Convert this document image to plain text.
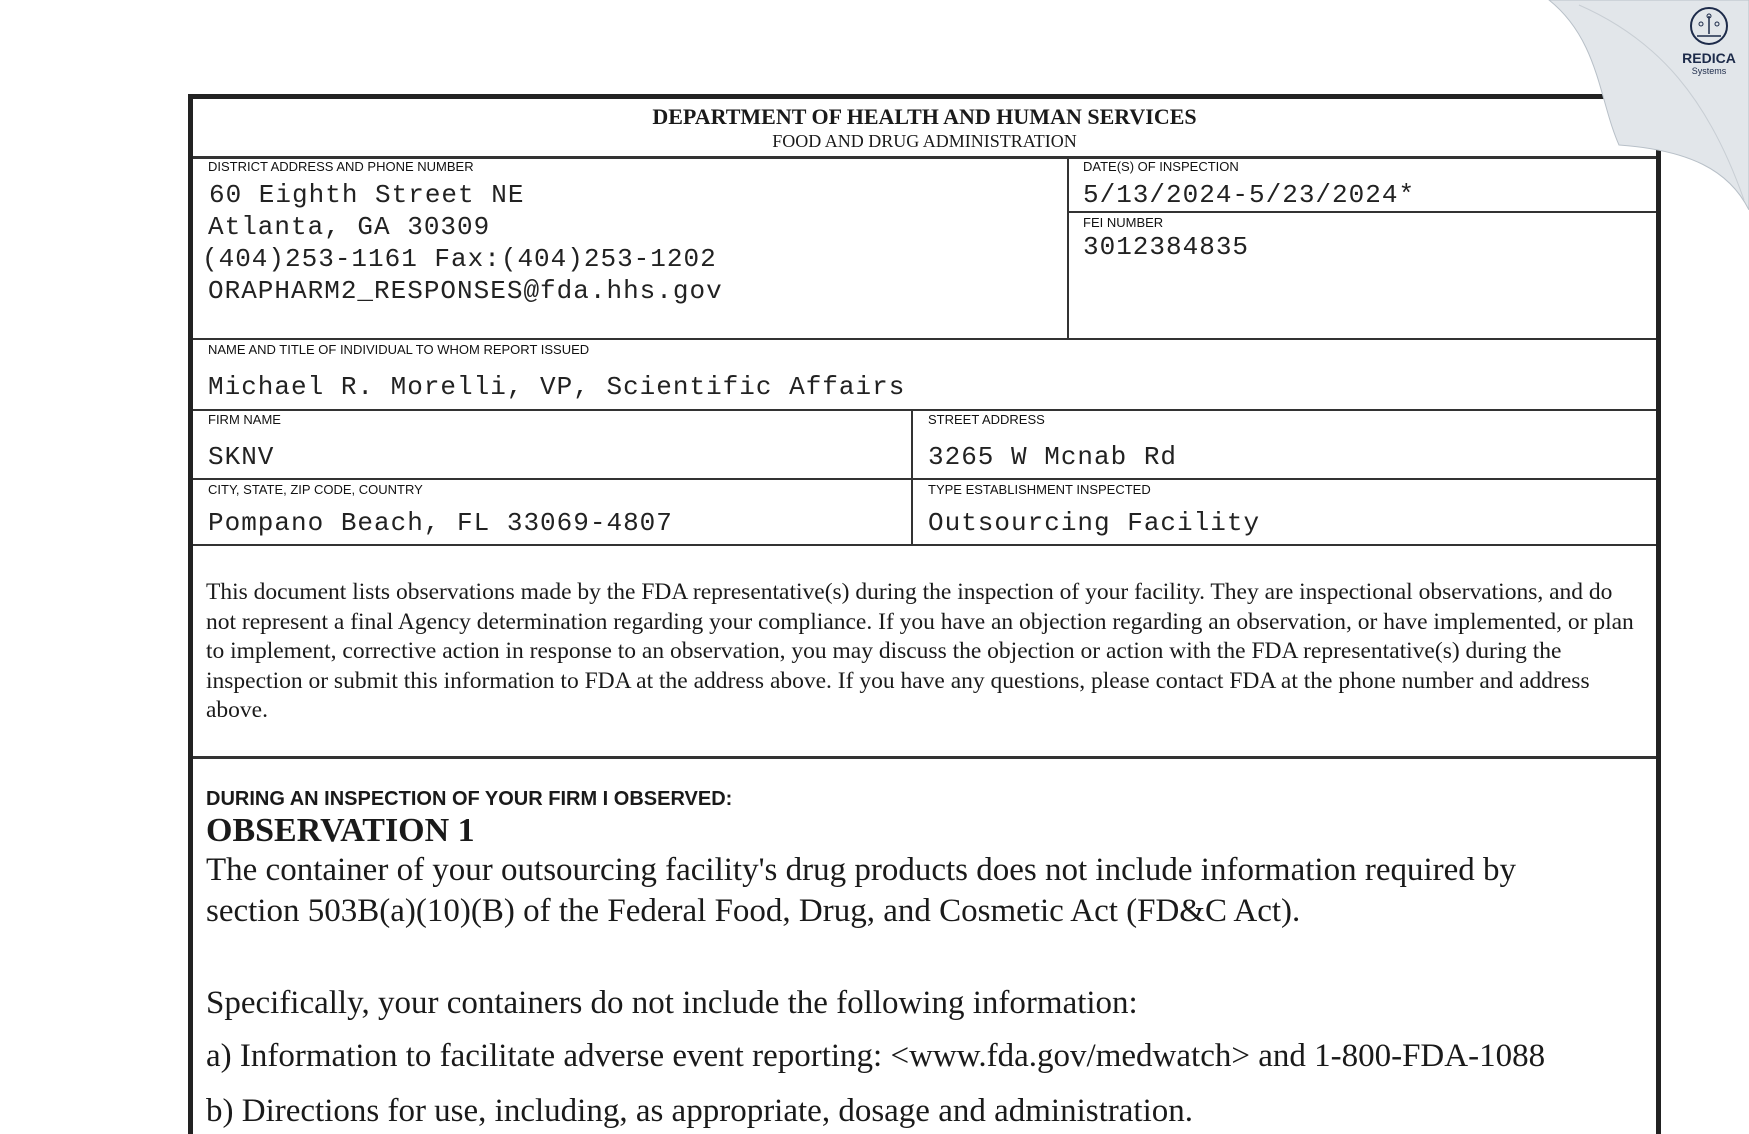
DEPARTMENT OF HEALTH AND HUMAN SERVICES
FOOD AND DRUG ADMINISTRATION
DISTRICT ADDRESS AND PHONE NUMBER
60 Eighth Street NE
Atlanta, GA 30309
(404)253-1161 Fax:(404)253-1202
ORAPHARM2_RESPONSES@fda.hhs.gov
DATE(S) OF INSPECTION
5/13/2024-5/23/2024*
FEI NUMBER
3012384835
NAME AND TITLE OF INDIVIDUAL TO WHOM REPORT ISSUED
Michael R. Morelli, VP, Scientific Affairs
FIRM NAME
SKNV
STREET ADDRESS
3265 W Mcnab Rd
CITY, STATE, ZIP CODE, COUNTRY
Pompano Beach, FL 33069-4807
TYPE ESTABLISHMENT INSPECTED
Outsourcing Facility
This document lists observations made by the FDA representative(s) during the inspection of your facility. They are inspectional observations, and do not represent a final Agency determination regarding your compliance. If you have an objection regarding an observation, or have implemented, or plan to implement, corrective action in response to an observation, you may discuss the objection or action with the FDA representative(s) during the inspection or submit this information to FDA at the address above. If you have any questions, please contact FDA at the phone number and address above.
DURING AN INSPECTION OF YOUR FIRM I OBSERVED:
OBSERVATION 1
The container of your outsourcing facility's drug products does not include information required by
section 503B(a)(10)(B) of the Federal Food, Drug, and Cosmetic Act (FD&C Act).
Specifically, your containers do not include the following information:
a) Information to facilitate adverse event reporting: <www.fda.gov/medwatch> and 1-800-FDA-1088
b) Directions for use, including, as appropriate, dosage and administration.
REDICA
Systems
